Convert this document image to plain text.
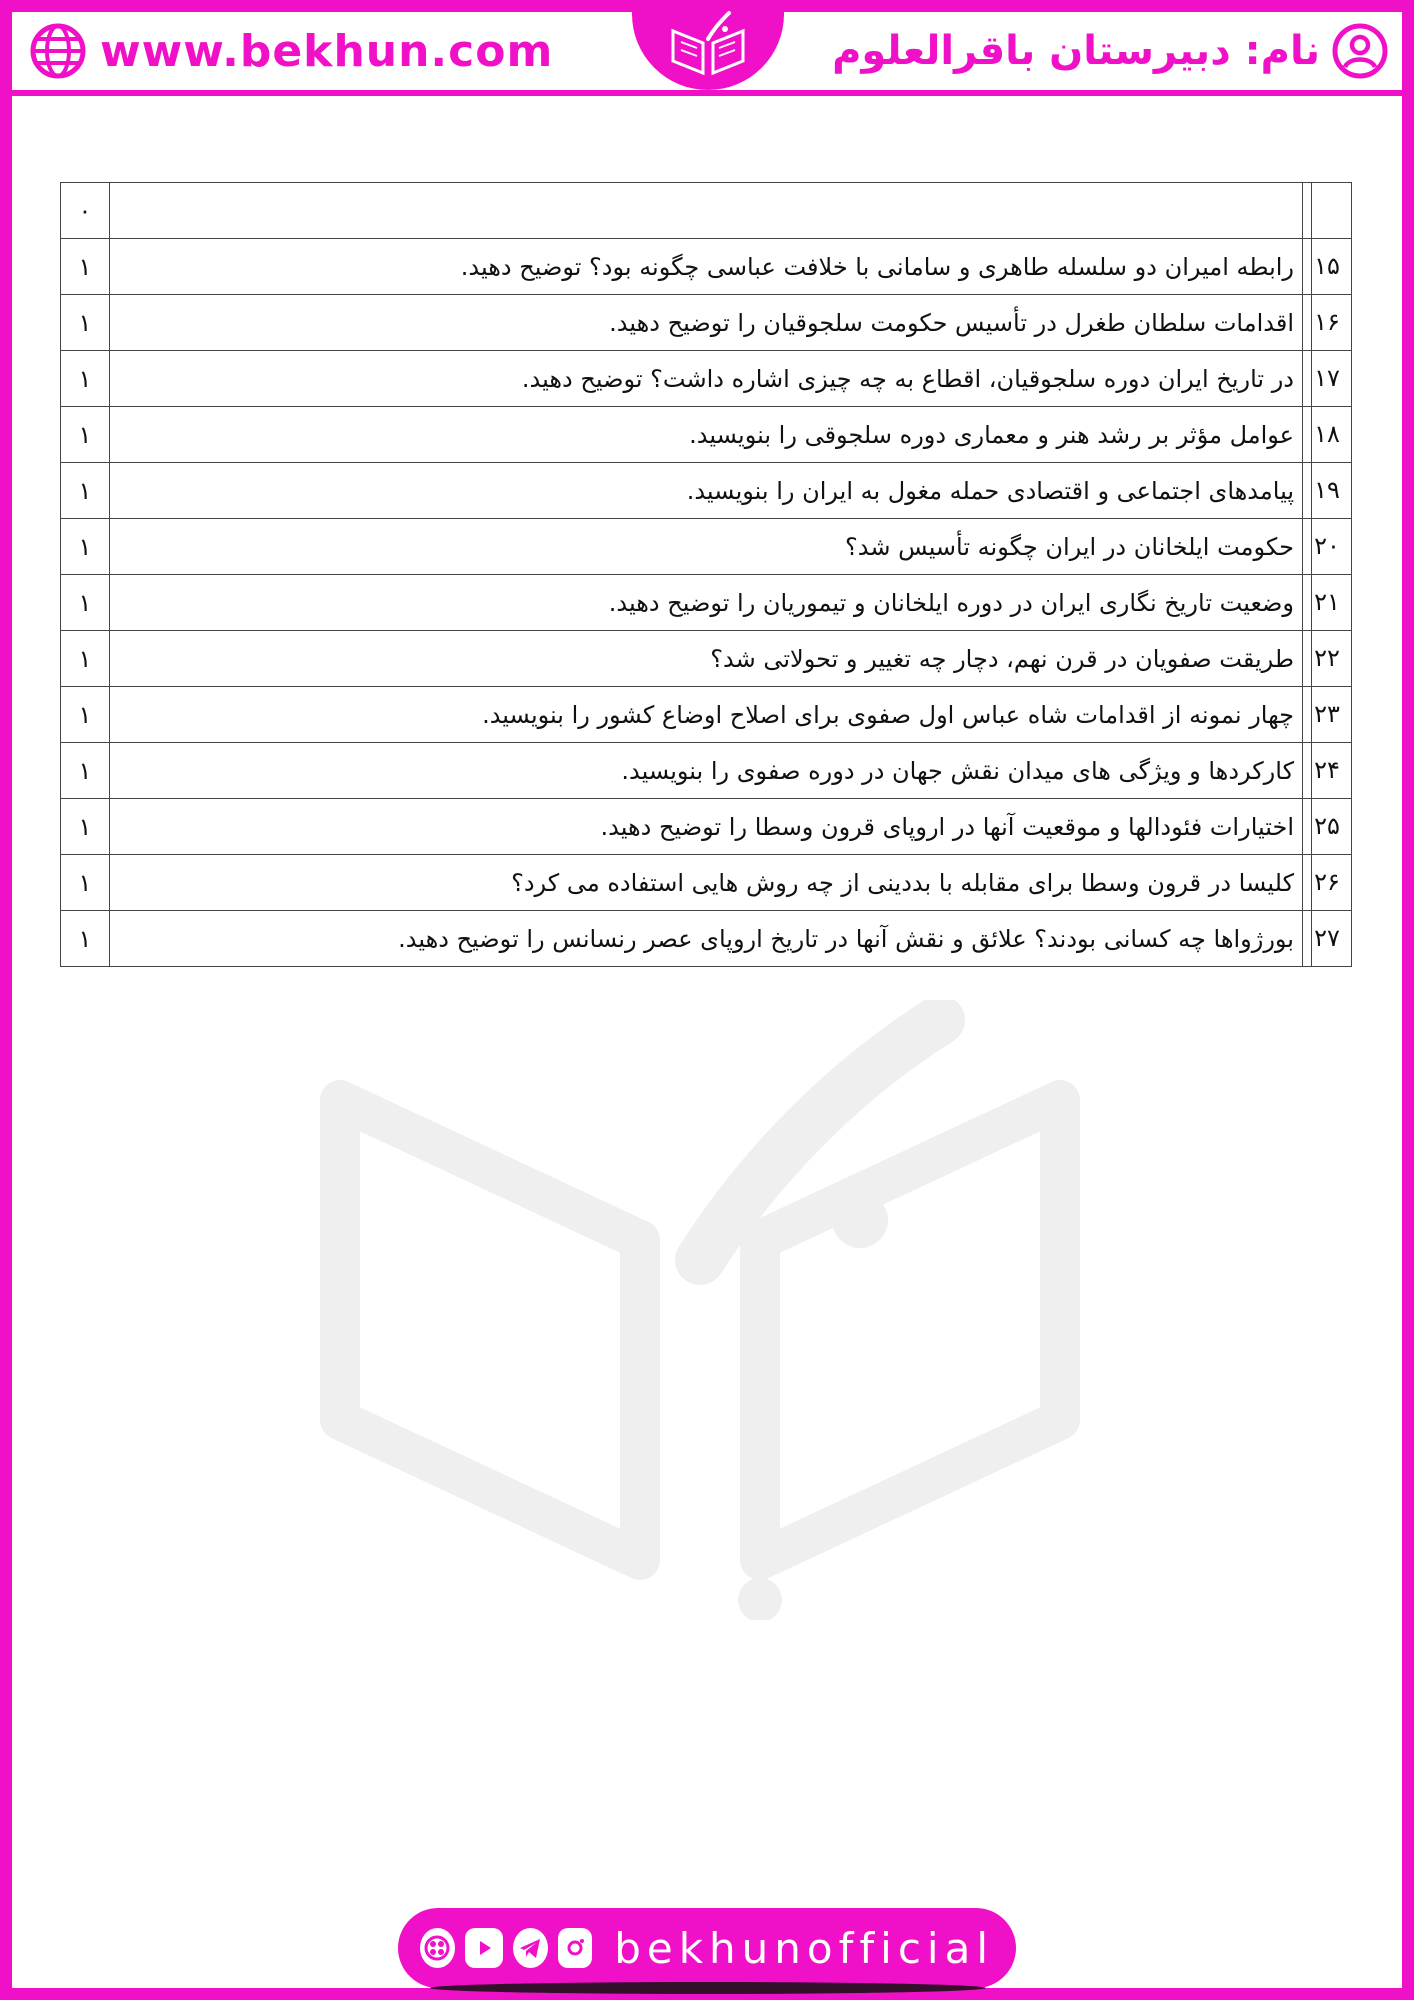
www.bekhun.com	نام: دبیرستان باقرالعلوم
		۰

۱۵	رابطه امیران دو سلسله طاهری و سامانی با خلافت عباسی چگونه بود؟ توضیح دهید.	۱

۱۶	اقدامات سلطان طغرل در تأسیس حکومت سلجوقیان را توضیح دهید.	۱

۱۷	در تاریخ ایران دوره سلجوقیان، اقطاع به چه چیزی اشاره داشت؟ توضیح دهید.	۱

۱۸	عوامل مؤثر بر رشد هنر و معماری دوره سلجوقی را بنویسید.	۱

۱۹	پیامدهای اجتماعی و اقتصادی حمله مغول به ایران را بنویسید.	۱

۲۰	حکومت ایلخانان در ایران چگونه تأسیس شد؟	۱

۲۱	وضعیت تاریخ نگاری ایران در دوره ایلخانان و تیموریان را توضیح دهید.	۱

۲۲	طریقت صفویان در قرن نهم، دچار چه تغییر و تحولاتی شد؟	۱

۲۳	چهار نمونه از اقدامات شاه عباس اول صفوی برای اصلاح اوضاع کشور را بنویسید.	۱

۲۴	کارکردها و ویژگی های میدان نقش جهان در دوره صفوی را بنویسید.	۱

۲۵	اختیارات فئودالها و موقعیت آنها در اروپای قرون وسطا را توضیح دهید.	۱

۲۶	کلیسا در قرون وسطا برای مقابله با بددینی از چه روش هایی استفاده می کرد؟	۱

۲۷	بورژواها چه کسانی بودند؟ علائق و نقش آنها در تاریخ اروپای عصر رنسانس را توضیح دهید.	۱
bekhunofficial
